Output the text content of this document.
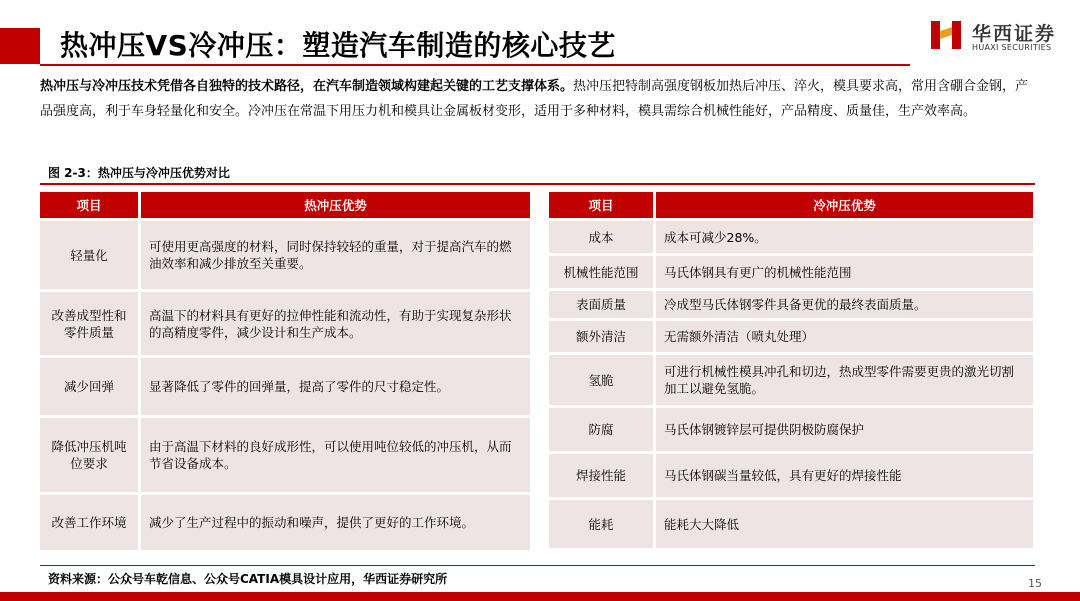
热冲压VS冷冲压：塑造汽车制造的核心技艺	华西证券
HUAXI SECURITIES
热冲压与冷冲压技术凭借各自独特的技术路径，在汽车制造领域构建起关键的工艺支撑体系。热冲压把特制高强度钢板加热后冲压、淬火，模具要求高，常用含硼合金钢，产品强度高，利于车身轻量化和安全。冷冲压在常温下用压力机和模具让金属板材变形，适用于多种材料，模具需综合机械性能好，产品精度、质量佳，生产效率高。
图 2-3：热冲压与冷冲压优势对比
项目	热冲压优势
轻量化	可使用更高强度的材料，同时保持较轻的重量，对于提高汽车的燃油效率和减少排放至关重要。
改善成型性和零件质量	高温下的材料具有更好的拉伸性能和流动性，有助于实现复杂形状的高精度零件，减少设计和生产成本。
减少回弹	显著降低了零件的回弹量，提高了零件的尺寸稳定性。
降低冲压机吨位要求	由于高温下材料的良好成形性，可以使用吨位较低的冲压机，从而节省设备成本。
改善工作环境	减少了生产过程中的振动和噪声，提供了更好的工作环境。
项目	冷冲压优势
成本	成本可减少28%。
机械性能范围	马氏体钢具有更广的机械性能范围
表面质量	冷成型马氏体钢零件具备更优的最终表面质量。
额外清洁	无需额外清洁（喷丸处理）
氢脆	可进行机械性模具冲孔和切边，热成型零件需要更贵的激光切割加工以避免氢脆。
防腐	马氏体钢镀锌层可提供阴极防腐保护
焊接性能	马氏体钢碳当量较低，具有更好的焊接性能
能耗	能耗大大降低
资料来源：公众号车乾信息、公众号CATIA模具设计应用，华西证券研究所	15
